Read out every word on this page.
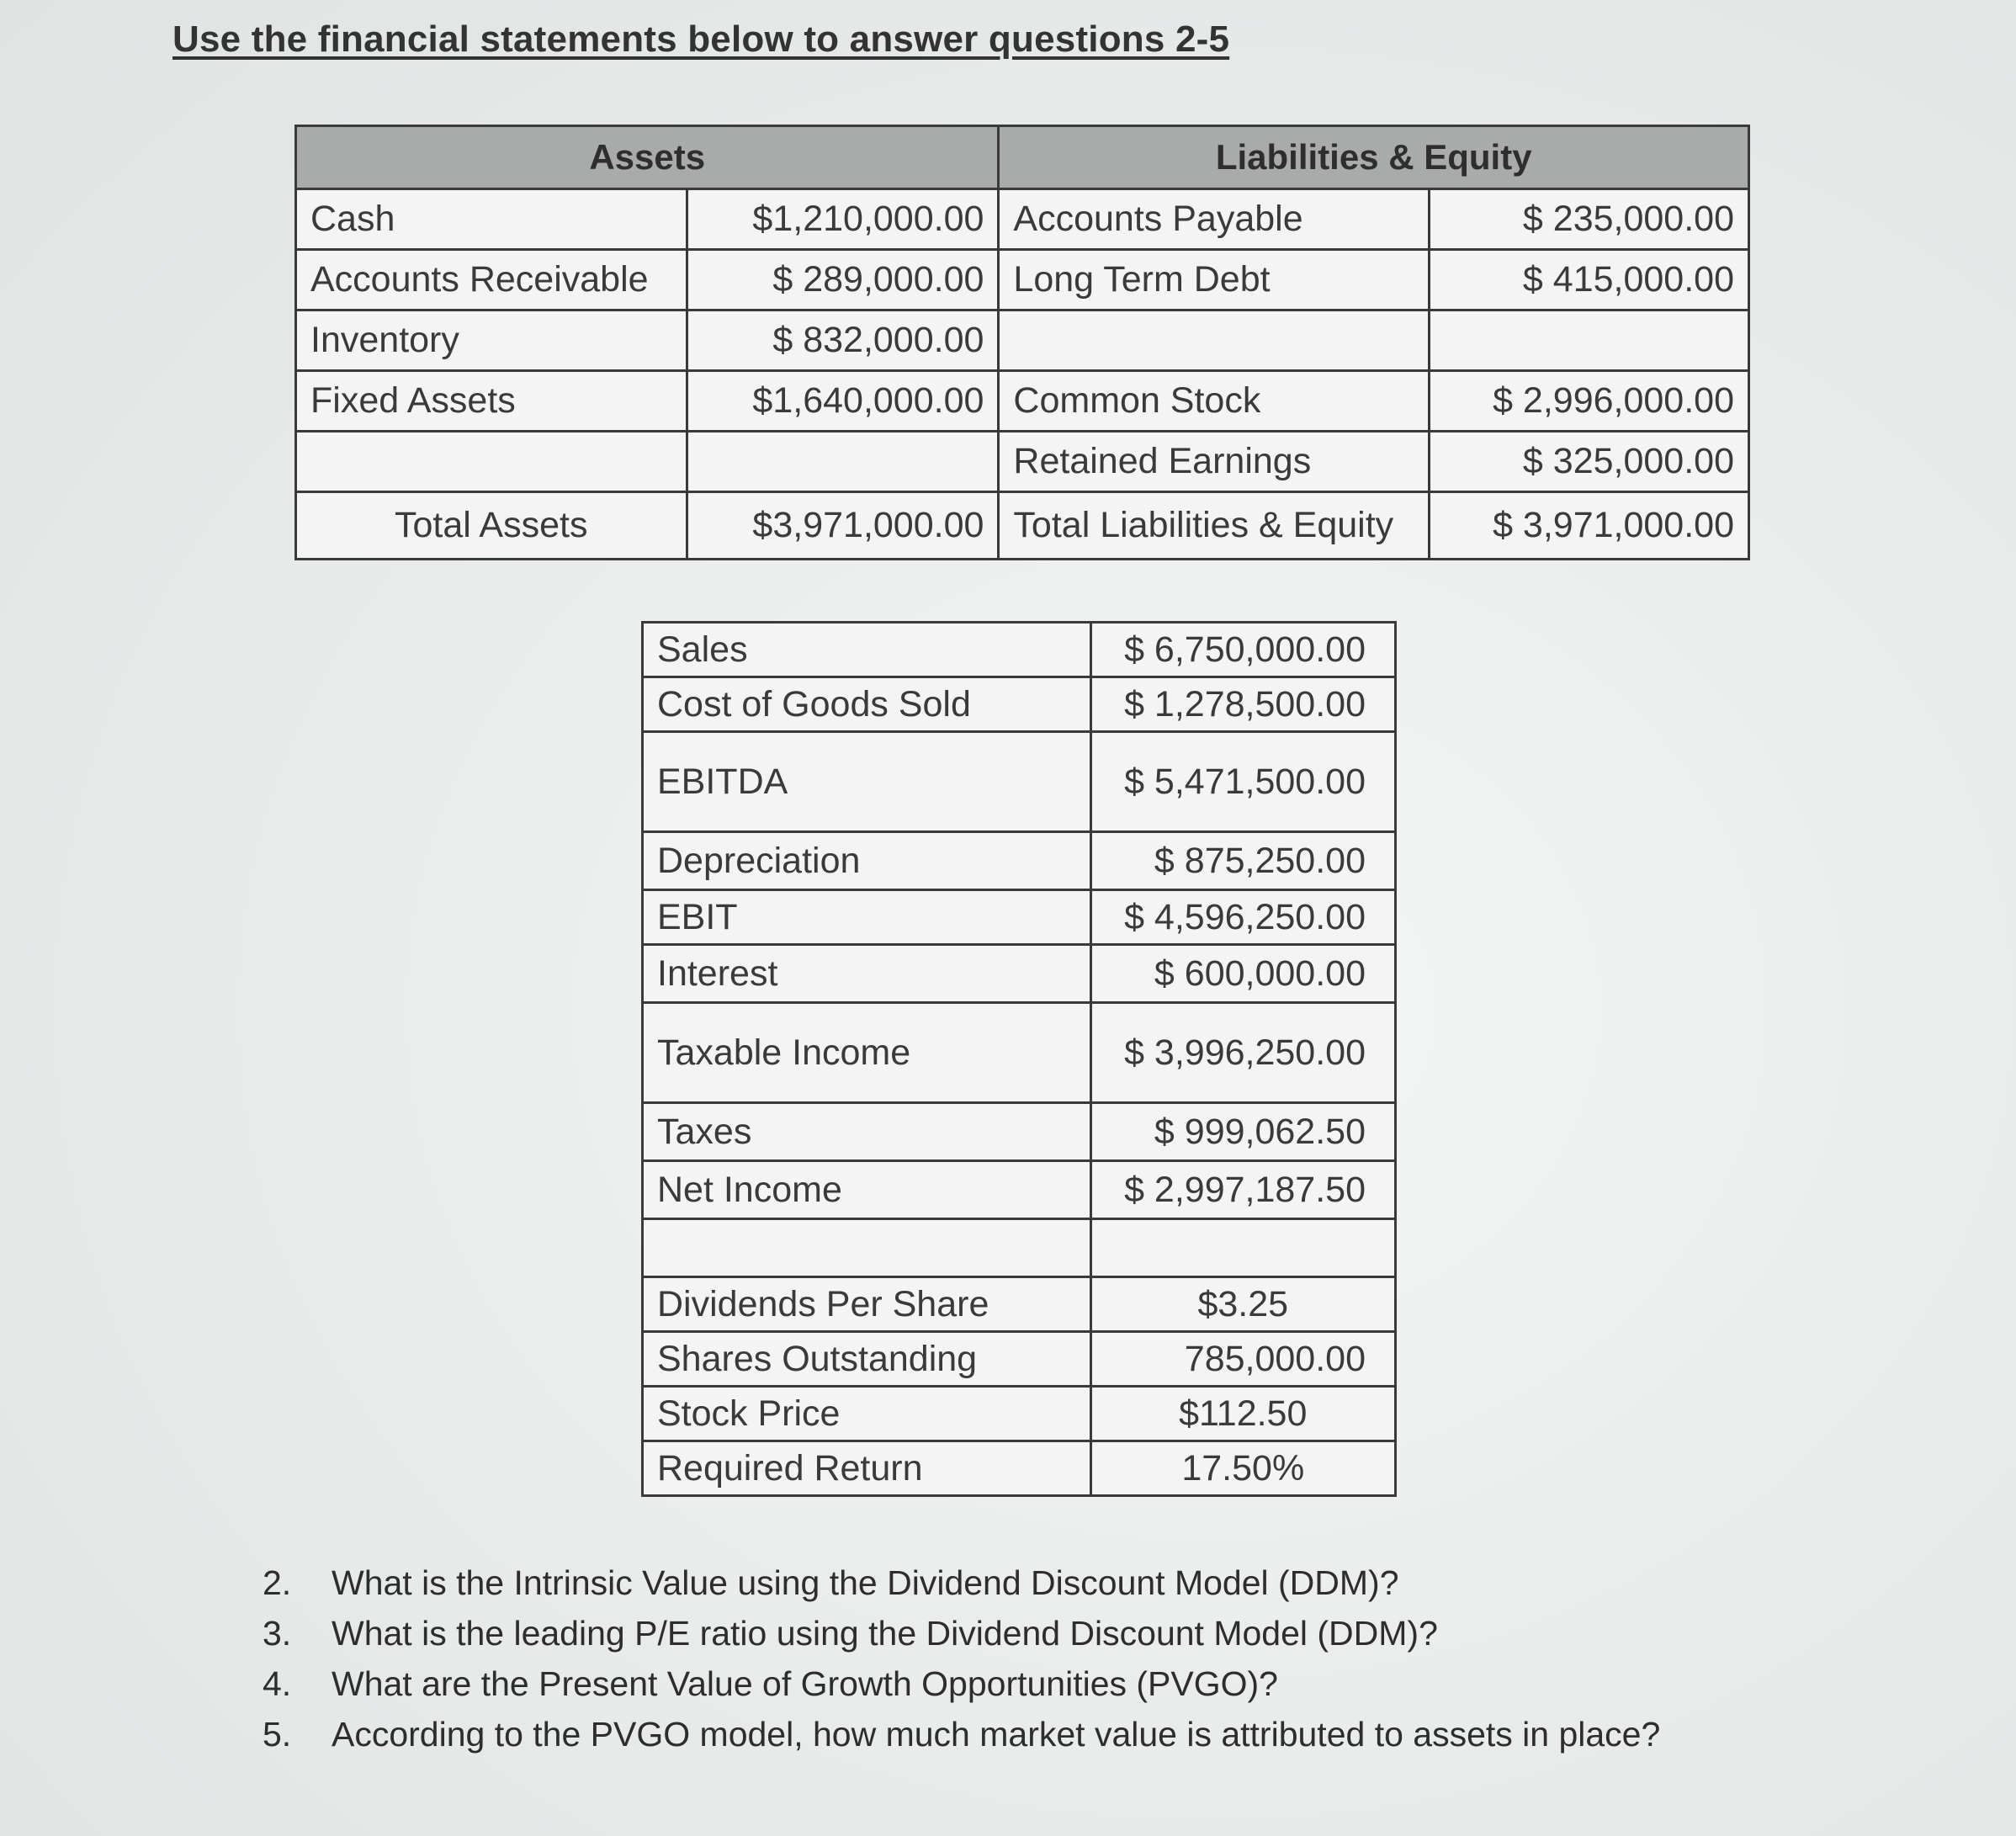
Use the financial statements below to answer questions 2-5
Assets		Liabilities & Equity	
Cash	$1,210,000.00	Accounts Payable	$ 235,000.00
Accounts Receivable	$ 289,000.00	Long Term Debt	$ 415,000.00
Inventory	$ 832,000.00		
Fixed Assets	$1,640,000.00	Common Stock	$ 2,996,000.00
		Retained Earnings	$ 325,000.00
Total Assets	$3,971,000.00	Total Liabilities & Equity	$ 3,971,000.00
Sales	$ 6,750,000.00
Cost of Goods Sold	$ 1,278,500.00
EBITDA	$ 5,471,500.00
Depreciation	$ 875,250.00
EBIT	$ 4,596,250.00
Interest	$ 600,000.00
Taxable Income	$ 3,996,250.00
Taxes	$ 999,062.50
Net Income	$ 2,997,187.50

Dividends Per Share	$3.25
Shares Outstanding	785,000.00
Stock Price	$112.50
Required Return	17.50%
2.	What is the Intrinsic Value using the Dividend Discount Model (DDM)?
3.	What is the leading P/E ratio using the Dividend Discount Model (DDM)?
4.	What are the Present Value of Growth Opportunities (PVGO)?
5.	According to the PVGO model, how much market value is attributed to assets in place?
